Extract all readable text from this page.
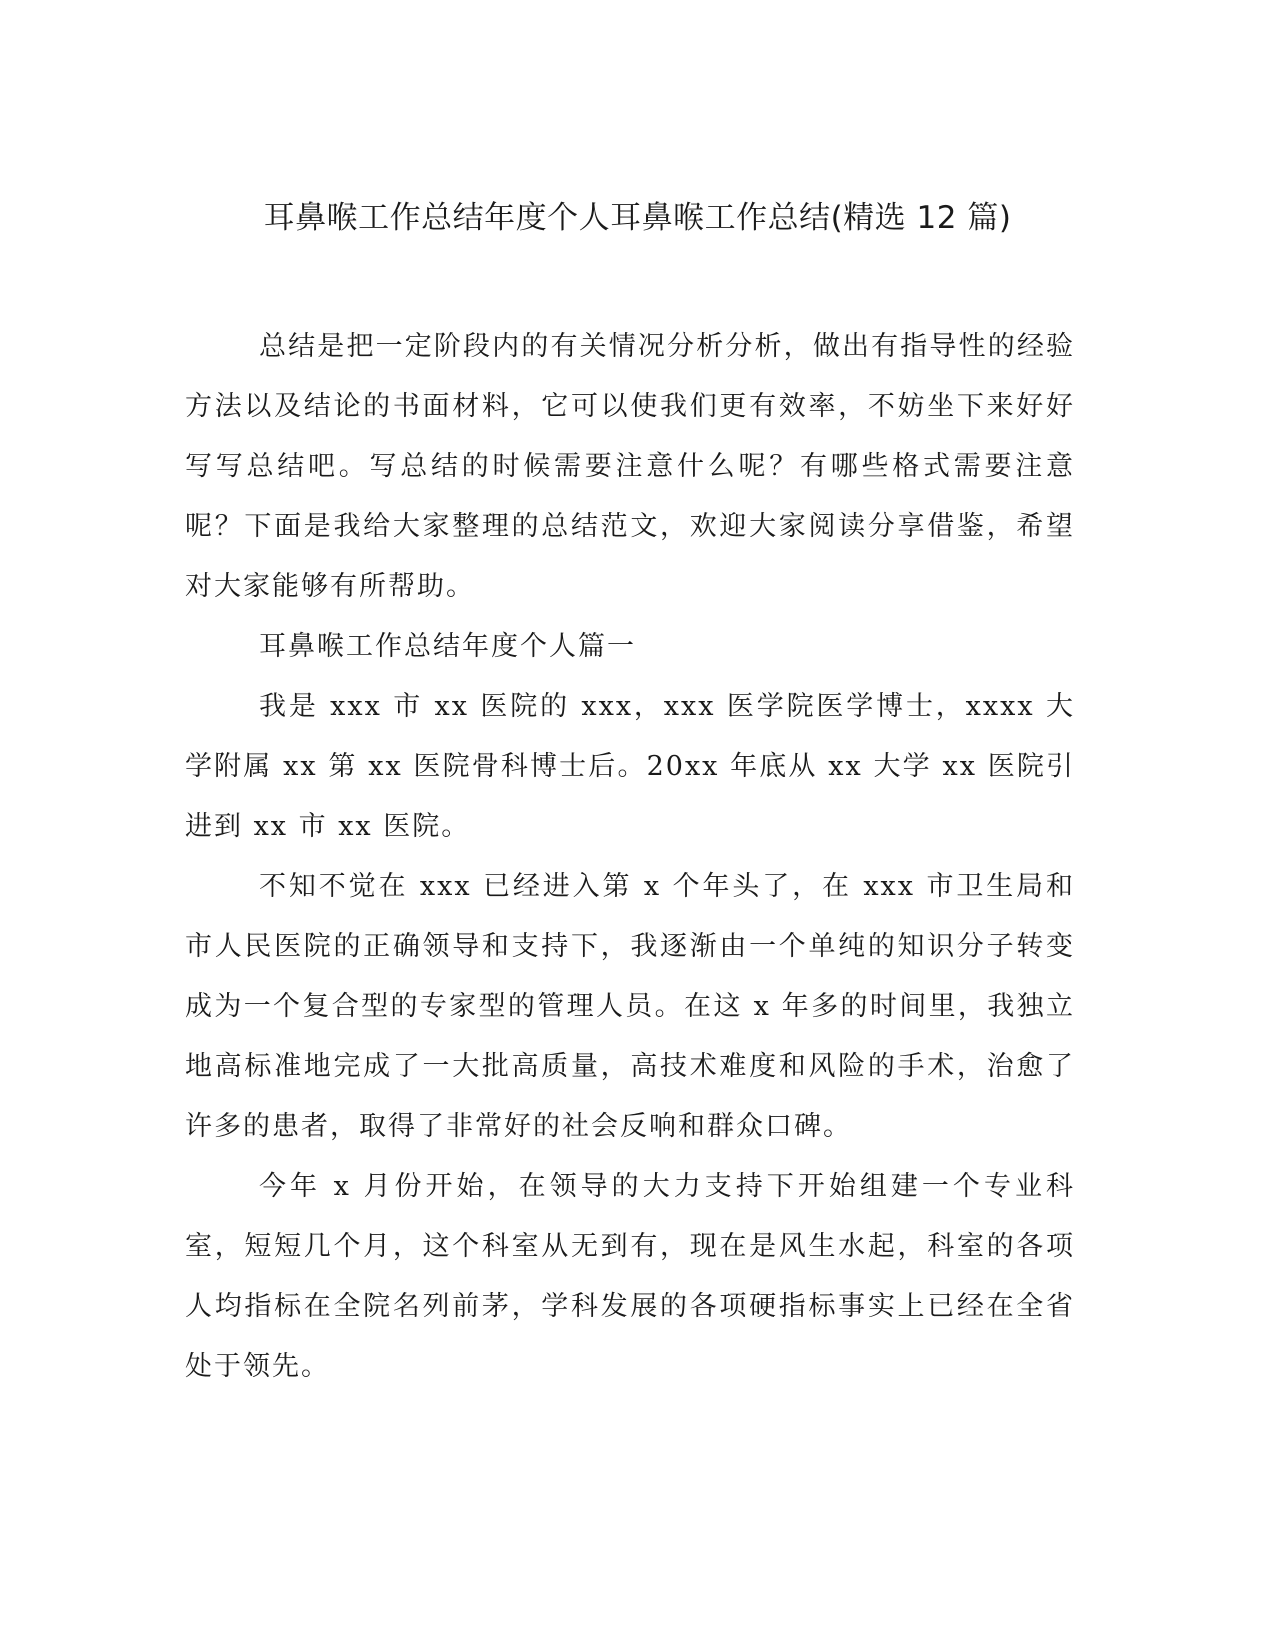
耳鼻喉工作总结年度个人耳鼻喉工作总结(精选 12 篇)

总结是把一定阶段内的有关情况分析分析，做出有指导性的经验方法以及结论的书面材料，它可以使我们更有效率，不妨坐下来好好写写总结吧。写总结的时候需要注意什么呢？有哪些格式需要注意呢？下面是我给大家整理的总结范文，欢迎大家阅读分享借鉴，希望对大家能够有所帮助。

耳鼻喉工作总结年度个人篇一

我是 xxx 市 xx 医院的 xxx，xxx 医学院医学博士，xxxx 大学附属 xx 第 xx 医院骨科博士后。20xx 年底从 xx 大学 xx 医院引进到 xx 市 xx 医院。

不知不觉在 xxx 已经进入第 x 个年头了，在 xxx 市卫生局和市人民医院的正确领导和支持下，我逐渐由一个单纯的知识分子转变成为一个复合型的专家型的管理人员。在这 x 年多的时间里，我独立地高标准地完成了一大批高质量，高技术难度和风险的手术，治愈了许多的患者，取得了非常好的社会反响和群众口碑。

今年 x 月份开始，在领导的大力支持下开始组建一个专业科室，短短几个月，这个科室从无到有，现在是风生水起，科室的各项人均指标在全院名列前茅，学科发展的各项硬指标事实上已经在全省处于领先。
